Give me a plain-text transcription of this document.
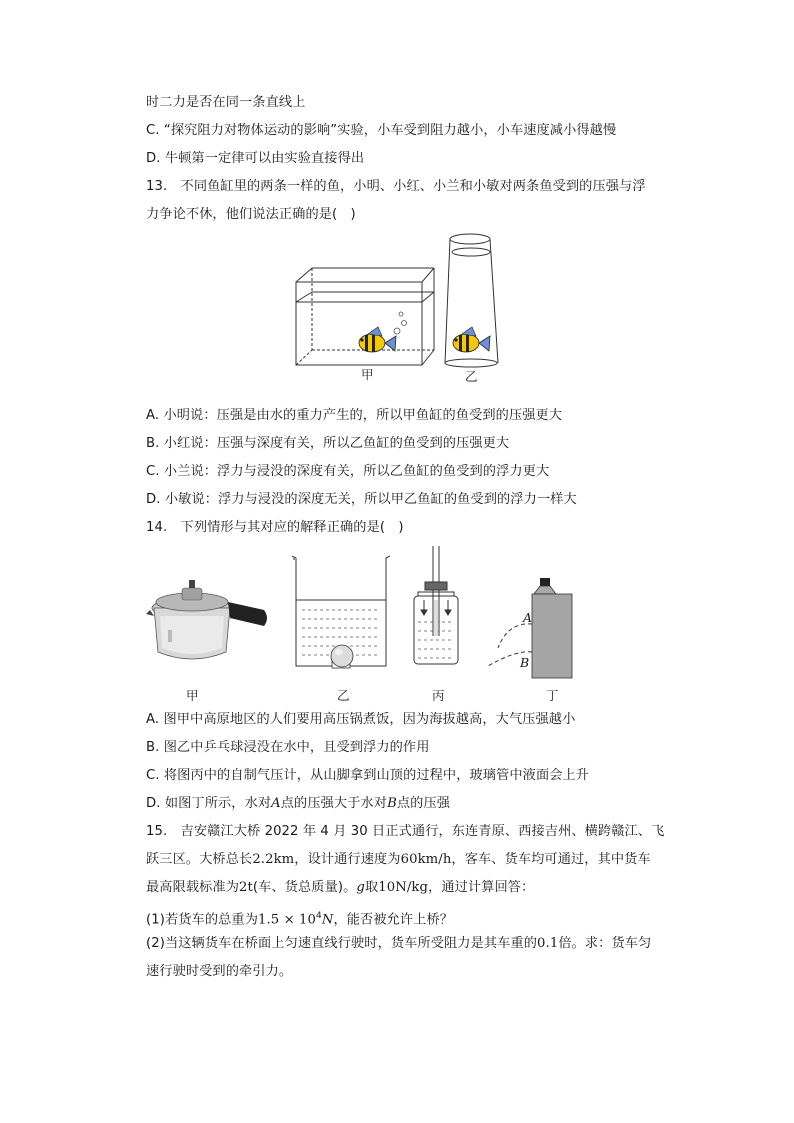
时二力是否在同一条直线上
C. “探究阻力对物体运动的影响”实验，小车受到阻力越小，小车速度减小得越慢
D. 牛顿第一定律可以由实验直接得出
13.　不同鱼缸里的两条一样的鱼，小明、小红、小兰和小敏对两条鱼受到的压强与浮
力争论不休，他们说法正确的是(　)
甲	乙
A. 小明说：压强是由水的重力产生的，所以甲鱼缸的鱼受到的压强更大
B. 小红说：压强与深度有关，所以乙鱼缸的鱼受到的压强更大
C. 小兰说：浮力与浸没的深度有关，所以乙鱼缸的鱼受到的浮力更大
D. 小敏说：浮力与浸没的深度无关，所以甲乙鱼缸的鱼受到的浮力一样大
14.　下列情形与其对应的解释正确的是(　)
A
B
甲	乙	丙	丁
A. 图甲中高原地区的人们要用高压锅煮饭，因为海拔越高，大气压强越小
B. 图乙中乒乓球浸没在水中，且受到浮力的作用
C. 将图丙中的自制气压计，从山脚拿到山顶的过程中，玻璃管中液面会上升
D. 如图丁所示，水对A点的压强大于水对B点的压强
15.　吉安赣江大桥 2022 年 4 月 30 日正式通行，东连青原、西接吉州、横跨赣江、飞
跃三区。大桥总长2.2km，设计通行速度为60km/h，客车、货车均可通过，其中货车
最高限载标准为2t(车、货总质量)。g取10N/kg，通过计算回答：
(1)若货车的总重为$1.5 \times 10^4N$，能否被允许上桥？
(2)当这辆货车在桥面上匀速直线行驶时，货车所受阻力是其车重的0.1倍。求：货车匀
速行驶时受到的牵引力。
